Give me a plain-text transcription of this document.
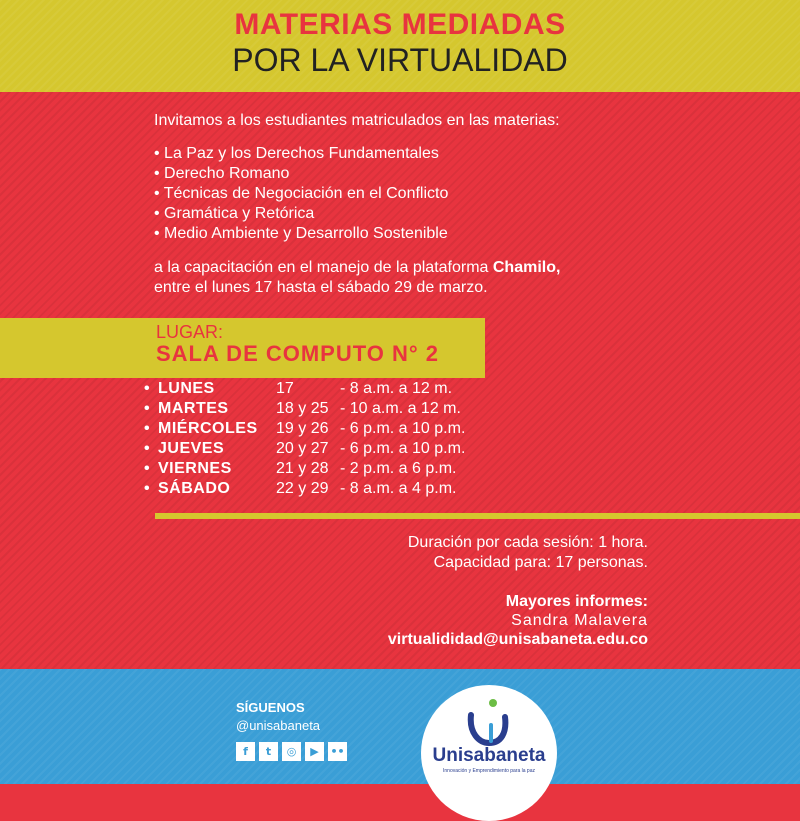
MATERIAS MEDIADAS
POR LA VIRTUALIDAD
Invitamos a los estudiantes matriculados en las materias:
• La Paz y los Derechos Fundamentales
• Derecho Romano
• Técnicas de Negociación en el Conflicto
• Gramática y Retórica
• Medio Ambiente y Desarrollo Sostenible
a la capacitación en el manejo de la plataforma Chamilo,
entre el lunes 17 hasta el sábado 29 de marzo.
LUGAR:
SALA DE COMPUTO N° 2
• LUNES	17	- 8 a.m. a 12 m.
• MARTES	18 y 25 - 10 a.m. a 12 m.
• MIÉRCOLES 19 y 26 - 6 p.m. a 10 p.m.
• JUEVES	20 y 27 - 6 p.m. a 10 p.m.
• VIERNES	21 y 28 - 2 p.m. a 6 p.m.
• SÁBADO	22 y 29 - 8 a.m. a 4 p.m.
Duración por cada sesión: 1 hora.
Capacidad para: 17 personas.
Mayores informes:
Sandra Malavera
virtualididad@unisabaneta.edu.co
SÍGUENOS
@unisabaneta
f	t	◎	▶	••	Unisabaneta
Innovación y Emprendimiento para la paz
